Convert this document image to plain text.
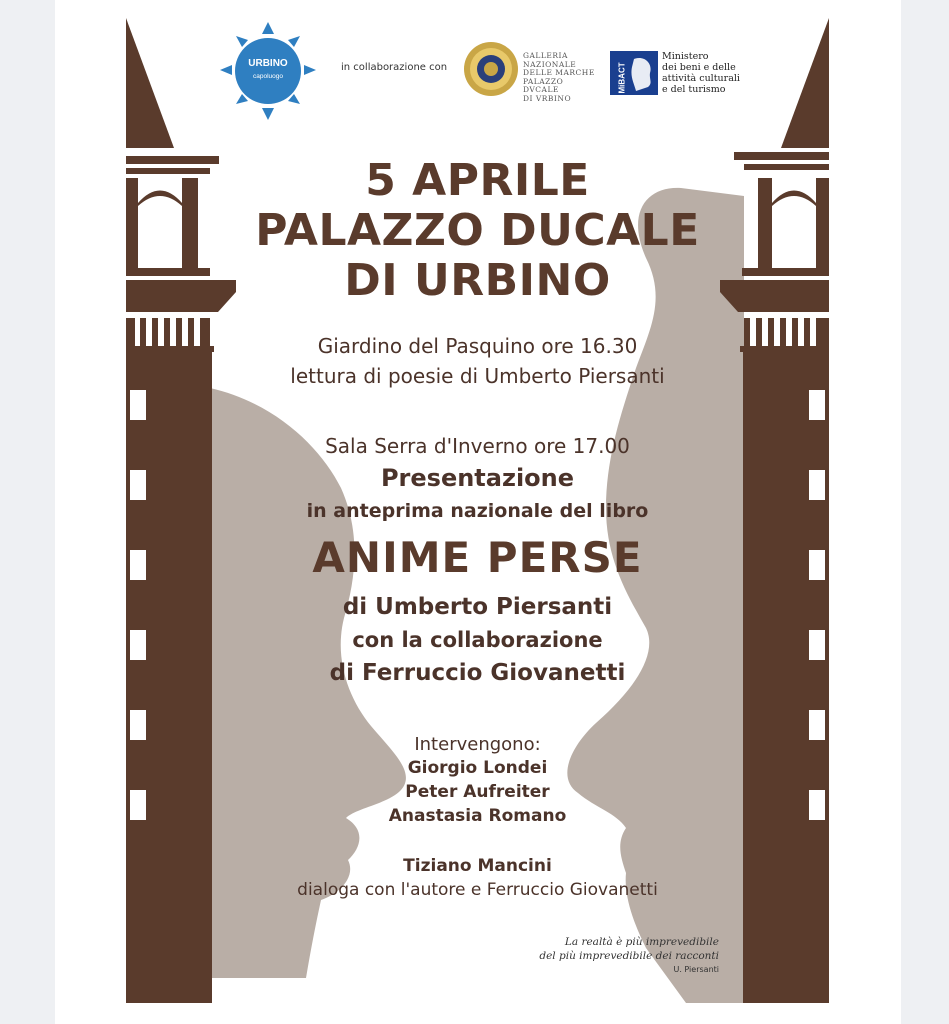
URBINO
capoluogo
in collaborazione con
GALLERIA
NAZIONALE
DELLE MARCHE
PALAZZO
DVCALE
DI VRBINO
MiBACT
Ministero
dei beni e delle
attività culturali
e del turismo
5 APRILE
PALAZZO DUCALE
DI URBINO
Giardino del Pasquino ore 16.30
lettura di poesie di Umberto Piersanti
Sala Serra d'Inverno ore 17.00
Presentazione
in anteprima nazionale del libro
ANIME PERSE
di Umberto Piersanti
con la collaborazione
di Ferruccio Giovanetti
Intervengono:
Giorgio Londei
Peter Aufreiter
Anastasia Romano
Tiziano Mancini
dialoga con l'autore e Ferruccio Giovanetti
La realtà è più imprevedibile
del più imprevedibile dei racconti
U. Piersanti
